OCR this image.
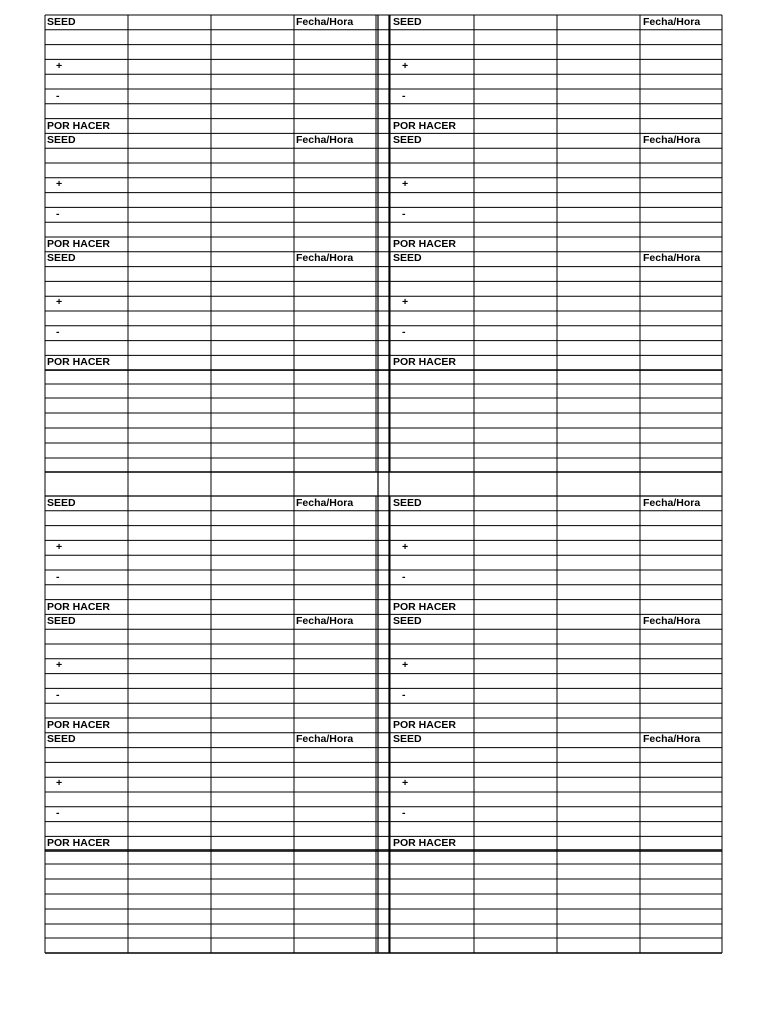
SEED	Fecha/Hora
+
-
POR HACER
SEED	Fecha/Hora
+
-
POR HACER
SEED	Fecha/Hora
+
-
POR HACER
SEED	Fecha/Hora
+
-
POR HACER
SEED	Fecha/Hora
+
-
POR HACER
SEED	Fecha/Hora
+
-
POR HACER
SEED	Fecha/Hora
+
-
POR HACER
SEED	Fecha/Hora
+
-
POR HACER
SEED	Fecha/Hora
+
-
POR HACER
SEED	Fecha/Hora
+
-
POR HACER
SEED	Fecha/Hora
+
-
POR HACER
SEED	Fecha/Hora
+
-
POR HACER
